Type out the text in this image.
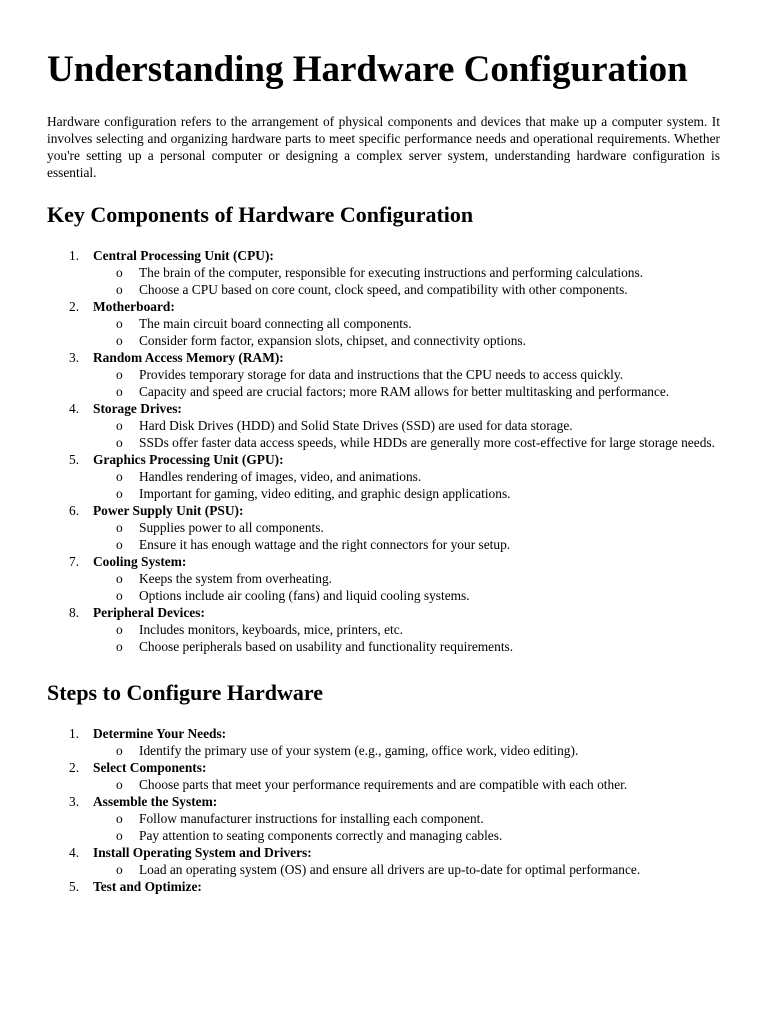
Understanding Hardware Configuration

Hardware configuration refers to the arrangement of physical components and devices that make up a computer system. It involves selecting and organizing hardware parts to meet specific performance needs and operational requirements. Whether you're setting up a personal computer or designing a complex server system, understanding hardware configuration is essential.

Key Components of Hardware Configuration
1. Central Processing Unit (CPU):
o The brain of the computer, responsible for executing instructions and performing calculations.
o Choose a CPU based on core count, clock speed, and compatibility with other components.
2. Motherboard:
o The main circuit board connecting all components.
o Consider form factor, expansion slots, chipset, and connectivity options.
3. Random Access Memory (RAM):
o Provides temporary storage for data and instructions that the CPU needs to access quickly.
o Capacity and speed are crucial factors; more RAM allows for better multitasking and performance.
4. Storage Drives:
o Hard Disk Drives (HDD) and Solid State Drives (SSD) are used for data storage.
o SSDs offer faster data access speeds, while HDDs are generally more cost-effective for large storage needs.
5. Graphics Processing Unit (GPU):
o Handles rendering of images, video, and animations.
o Important for gaming, video editing, and graphic design applications.
6. Power Supply Unit (PSU):
o Supplies power to all components.
o Ensure it has enough wattage and the right connectors for your setup.
7. Cooling System:
o Keeps the system from overheating.
o Options include air cooling (fans) and liquid cooling systems.
8. Peripheral Devices:
o Includes monitors, keyboards, mice, printers, etc.
o Choose peripherals based on usability and functionality requirements.
Steps to Configure Hardware
1. Determine Your Needs:
o Identify the primary use of your system (e.g., gaming, office work, video editing).
2. Select Components:
o Choose parts that meet your performance requirements and are compatible with each other.
3. Assemble the System:
o Follow manufacturer instructions for installing each component.
o Pay attention to seating components correctly and managing cables.
4. Install Operating System and Drivers:
o Load an operating system (OS) and ensure all drivers are up-to-date for optimal performance.
5. Test and Optimize:
